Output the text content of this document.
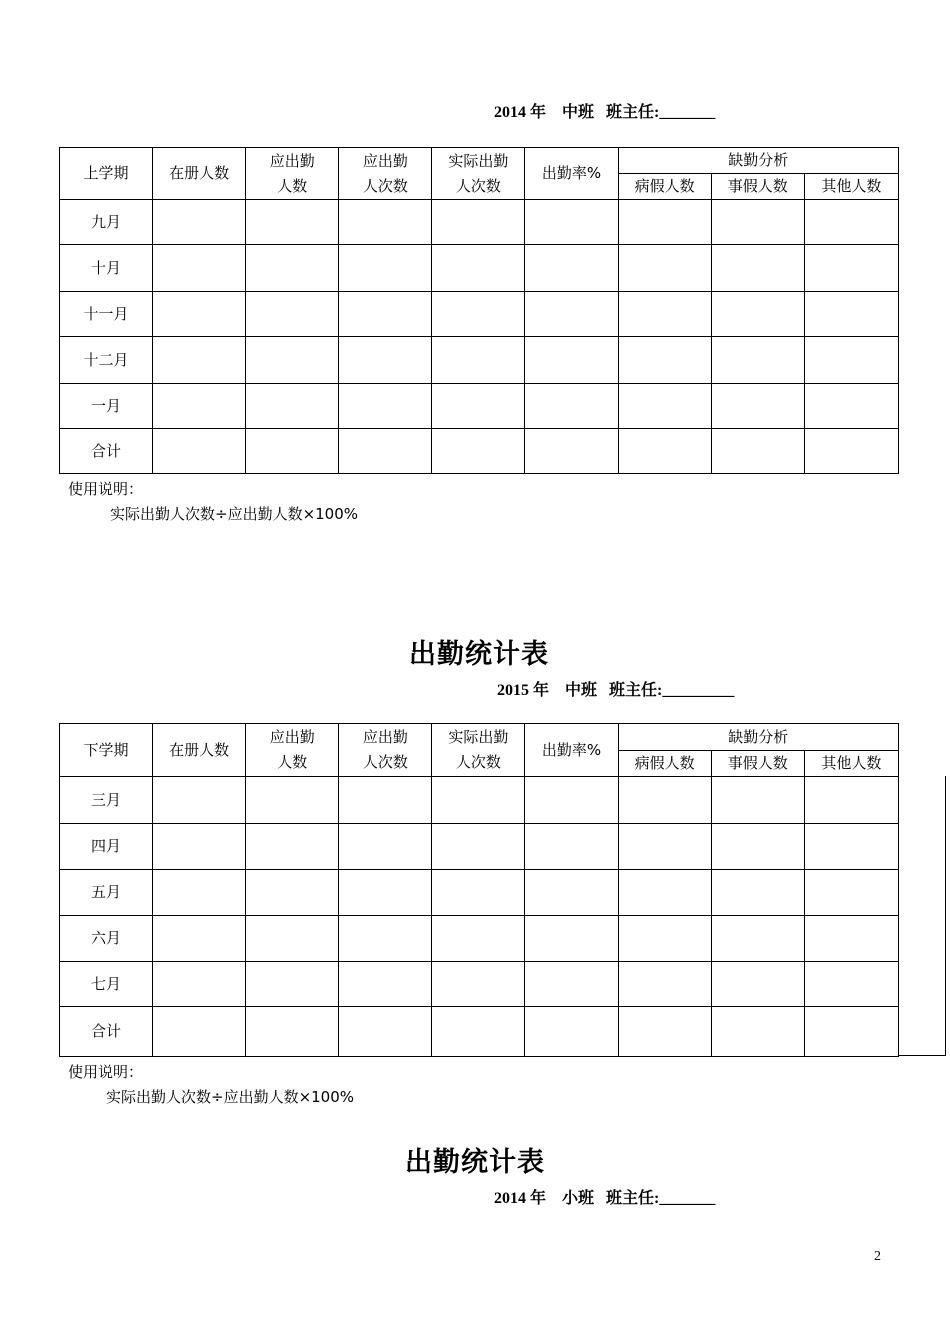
2014 年    中班   班主任:_______
上学期	在册人数	应出勤人数	应出勤人次数	实际出勤人次数	出勤率%	缺勤分析		
						病假人数	事假人数	其他人数
九月								
十月								
十一月								
十二月								
一月								
合计								
使用说明：
实际出勤人次数÷应出勤人数×100%
出勤统计表
2015 年    中班   班主任:_________
下学期	在册人数	应出勤人数	应出勤人次数	实际出勤人次数	出勤率%	缺勤分析		
						病假人数	事假人数	其他人数
三月								
四月								
五月								
六月								
七月								
合计								
使用说明：
实际出勤人次数÷应出勤人数×100%
出勤统计表
2014 年    小班   班主任:_______
2
